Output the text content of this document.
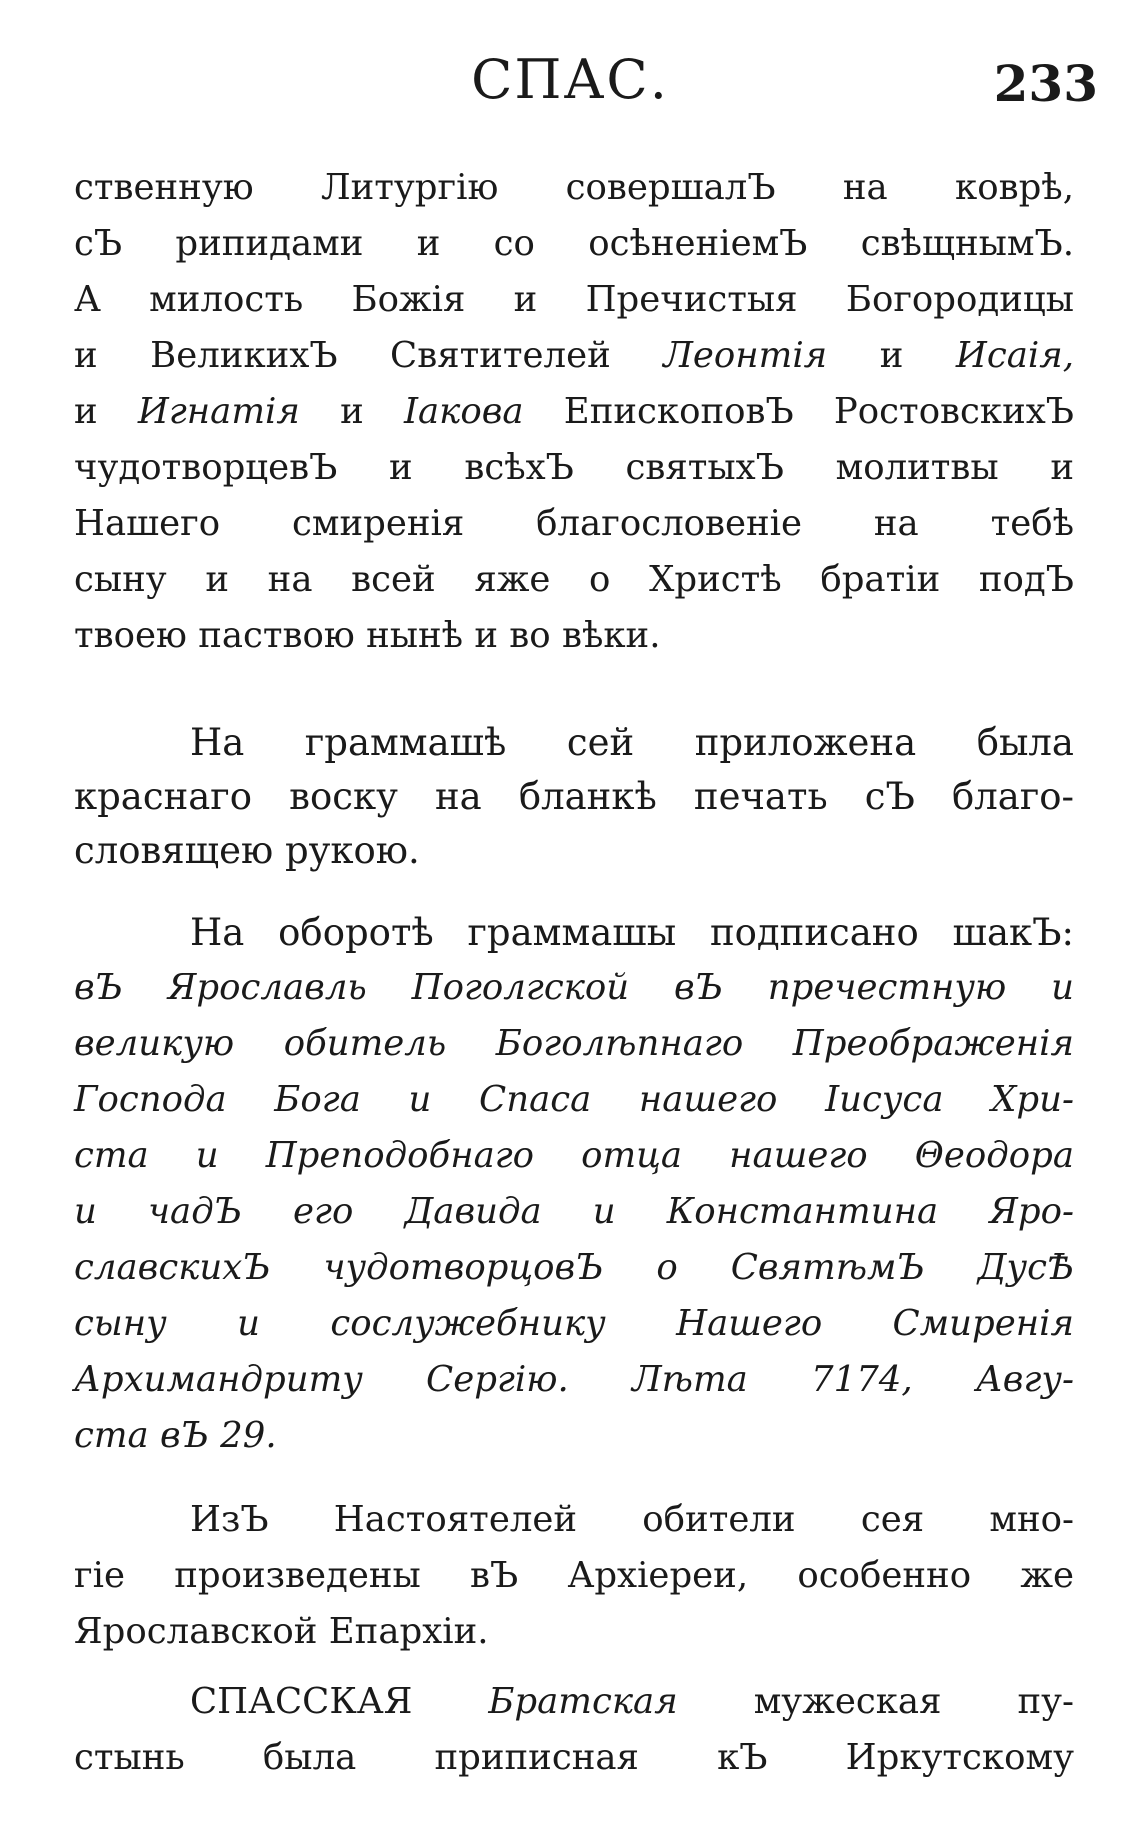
СПАС.	233
ственную Литургію совершалЪ на коврѣ,
сЪ рипидами и со осѣненіемЪ свѣщнымЪ.
А милость Божія и Пречистыя Богородицы
и ВеликихЪ Святителей Леонтія и Исаія,
и Игнатія и Іакова ЕпископовЪ РостовскихЪ
чудотворцевЪ и всѣхЪ святыхЪ молитвы и
Нашего смиренія благословеніе на тебѣ
сыну и на всей яже о Христѣ братіи подЪ
твоею паствою нынѣ и во вѣки.
На граммашѣ сей приложена была
краснаго воску на бланкѣ печать сЪ благо-
словящею рукою.
На оборотѣ граммашы подписано шакЪ:
вЪ Ярославль Поголгской вЪ пречестную и
великую обитель Боголѣпнаго Преображенія
Господа Бога и Спаса нашего Іисуса Хри-
ста и Преподобнаго отца нашего Θеодора
и чадЪ его Давида и Константина Яро-
славскихЪ чудотворцовЪ о СвятѣмЪ ДусѢ
сыну и сослужебнику Нашего Смиренія
Архимандриту Сергію. Лѣта 7174, Авгу-
ста вЪ 29.
ИзЪ Настоятелей обители сея мно-
гіе произведены вЪ Архіереи, особенно же
Ярославской Епархіи.
СПАССКАЯ Братская мужеская пу-
стынь была приписная кЪ Иркутскому
